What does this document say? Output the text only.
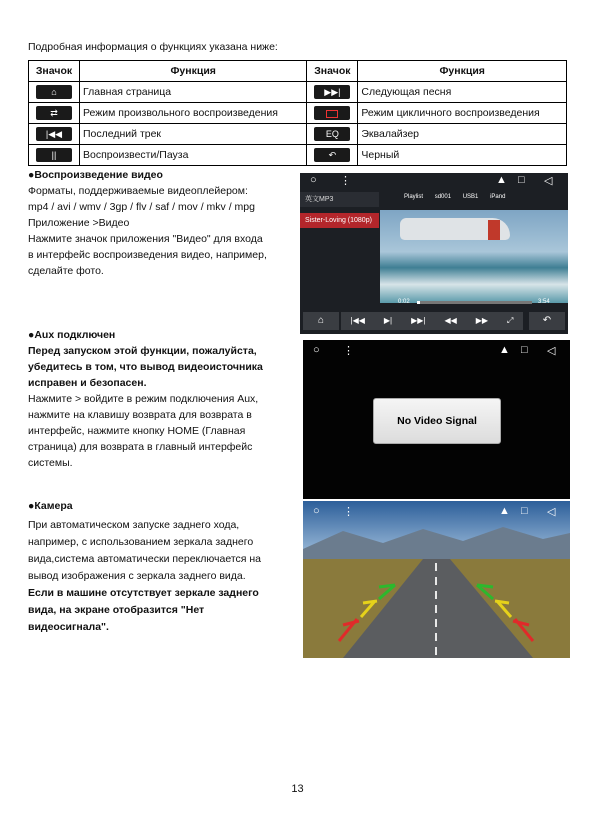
Подробная информация о функциях указана ниже:
Значок	Функция	Значок	Функция
⌂	Главная страница	▶▶|	Следующая песня
⇄	Режим произвольного воспроизведения		Режим цикличного воспроизведения
|◀◀	Последний трек	EQ	Эквалайзер
||	Воспроизвести/Пауза	↶	Черный

●Воспроизведение видео

Форматы, поддерживаемые видеоплейером:

mp4 / avi / wmv / 3gp / flv / saf / mov / mkv / mpg

Приложение >Видео

Нажмите значок приложения "Видео" для входа

в интерфейс воспроизведения видео, например,

сделайте фото.

○ ⋮	▲ □ ◁
英文MP3
Sister-Loving (1080p)
Playlist sd001 USB1 iPand
0:02	3:54
⌂	|◀◀ ▶| ▶▶| ◀◀ ▶▶ ⤢	↶

●Aux подключен

Перед запуском этой функции, пожалуйста,

убедитесь в том, что вывод видеоисточника

исправен и безопасен.

Нажмите > войдите в режим подключения Aux,

нажмите на клавишу возврата для возврата в

интерфейс, нажмите кнопку HOME (Главная

страница) для возврата в главный интерфейс

системы.

○ ⋮	▲ □ ◁
No Video Signal

●Камера

При автоматическом запуске заднего хода,

например, с использованием зеркала заднего

вида,система автоматически переключается на

вывод изображения с зеркала заднего вида.

Если в машине отсутствует зеркале заднего

вида, на экране отобразится "Нет

видеосигнала".

○ ⋮	▲ □ ◁
13
